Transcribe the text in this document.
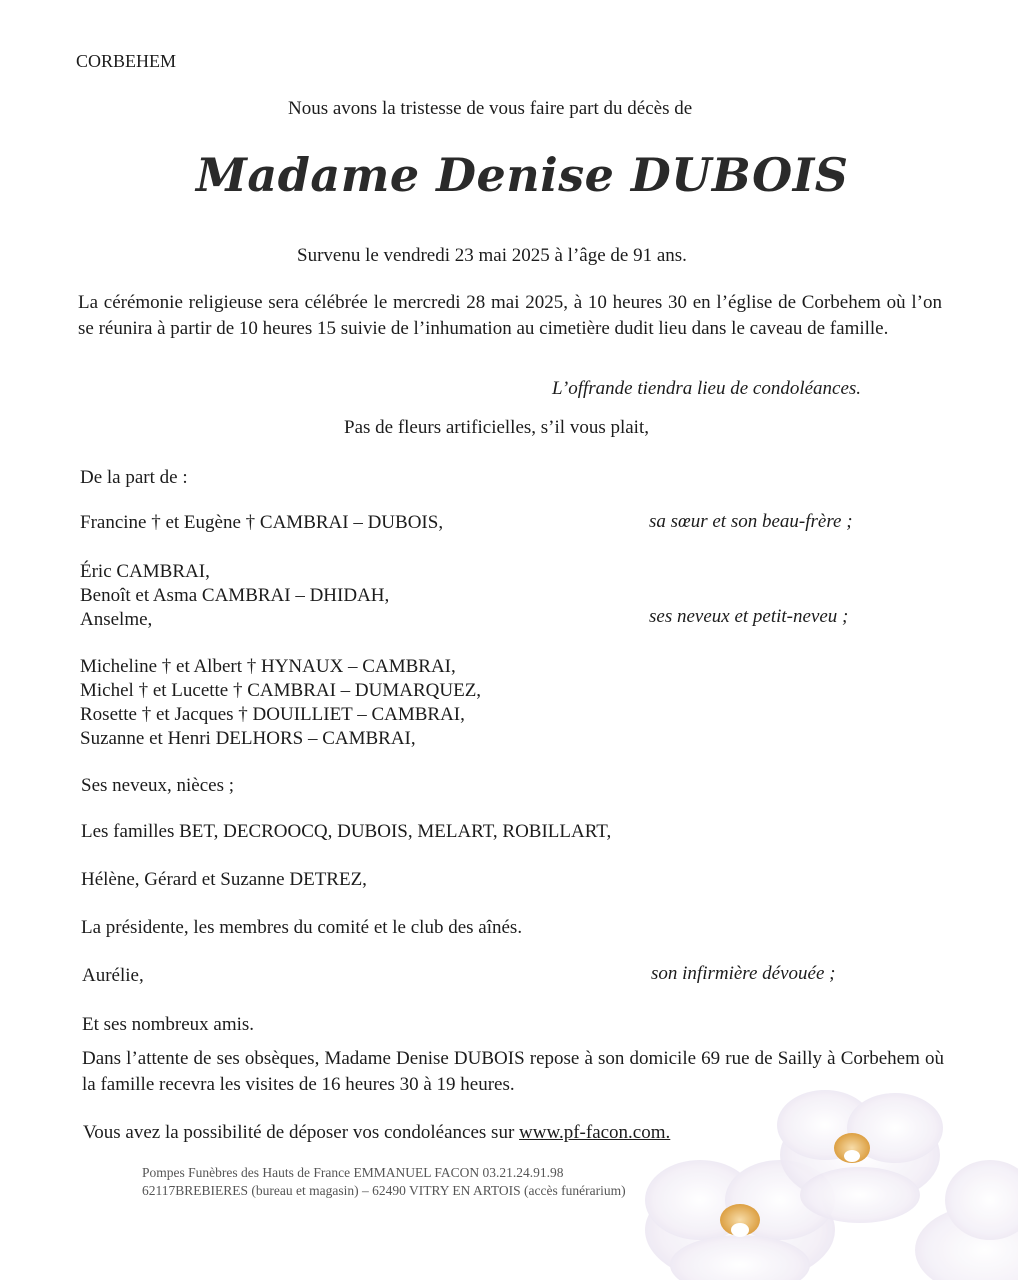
CORBEHEM
Nous avons la tristesse de vous faire part du décès de
Madame Denise DUBOIS
Survenu le vendredi 23 mai 2025 à l’âge de 91 ans.
La cérémonie religieuse sera célébrée le mercredi 28 mai 2025, à 10 heures 30 en l’église de Corbehem où l’on se réunira à partir de 10 heures 15 suivie de l’inhumation au cimetière dudit lieu dans le caveau de famille.
L’offrande tiendra lieu de condoléances.
Pas de fleurs artificielles, s’il vous plait,
De la part de :
Francine † et Eugène † CAMBRAI – DUBOIS,	sa sœur et son beau-frère ;
Éric CAMBRAI,
Benoît et Asma CAMBRAI – DHIDAH,
Anselme,	ses neveux et petit-neveu ;
Micheline † et Albert † HYNAUX – CAMBRAI,
Michel † et Lucette † CAMBRAI – DUMARQUEZ,
Rosette † et Jacques † DOUILLIET – CAMBRAI,
Suzanne et Henri DELHORS – CAMBRAI,
Ses neveux, nièces ;
Les familles BET, DECROOCQ, DUBOIS, MELART, ROBILLART,
Hélène, Gérard et Suzanne DETREZ,
La présidente, les membres du comité et le club des aînés.
Aurélie,	son infirmière dévouée ;
Et ses nombreux amis.
Dans l’attente de ses obsèques, Madame Denise DUBOIS repose à son domicile 69 rue de Sailly à Corbehem où la famille recevra les visites de 16 heures 30 à 19 heures.
Vous avez la possibilité de déposer vos condoléances sur www.pf-facon.com.
Pompes Funèbres des Hauts de France EMMANUEL FACON 03.21.24.91.98
62117BREBIERES (bureau et magasin) – 62490 VITRY EN ARTOIS (accès funérarium)
